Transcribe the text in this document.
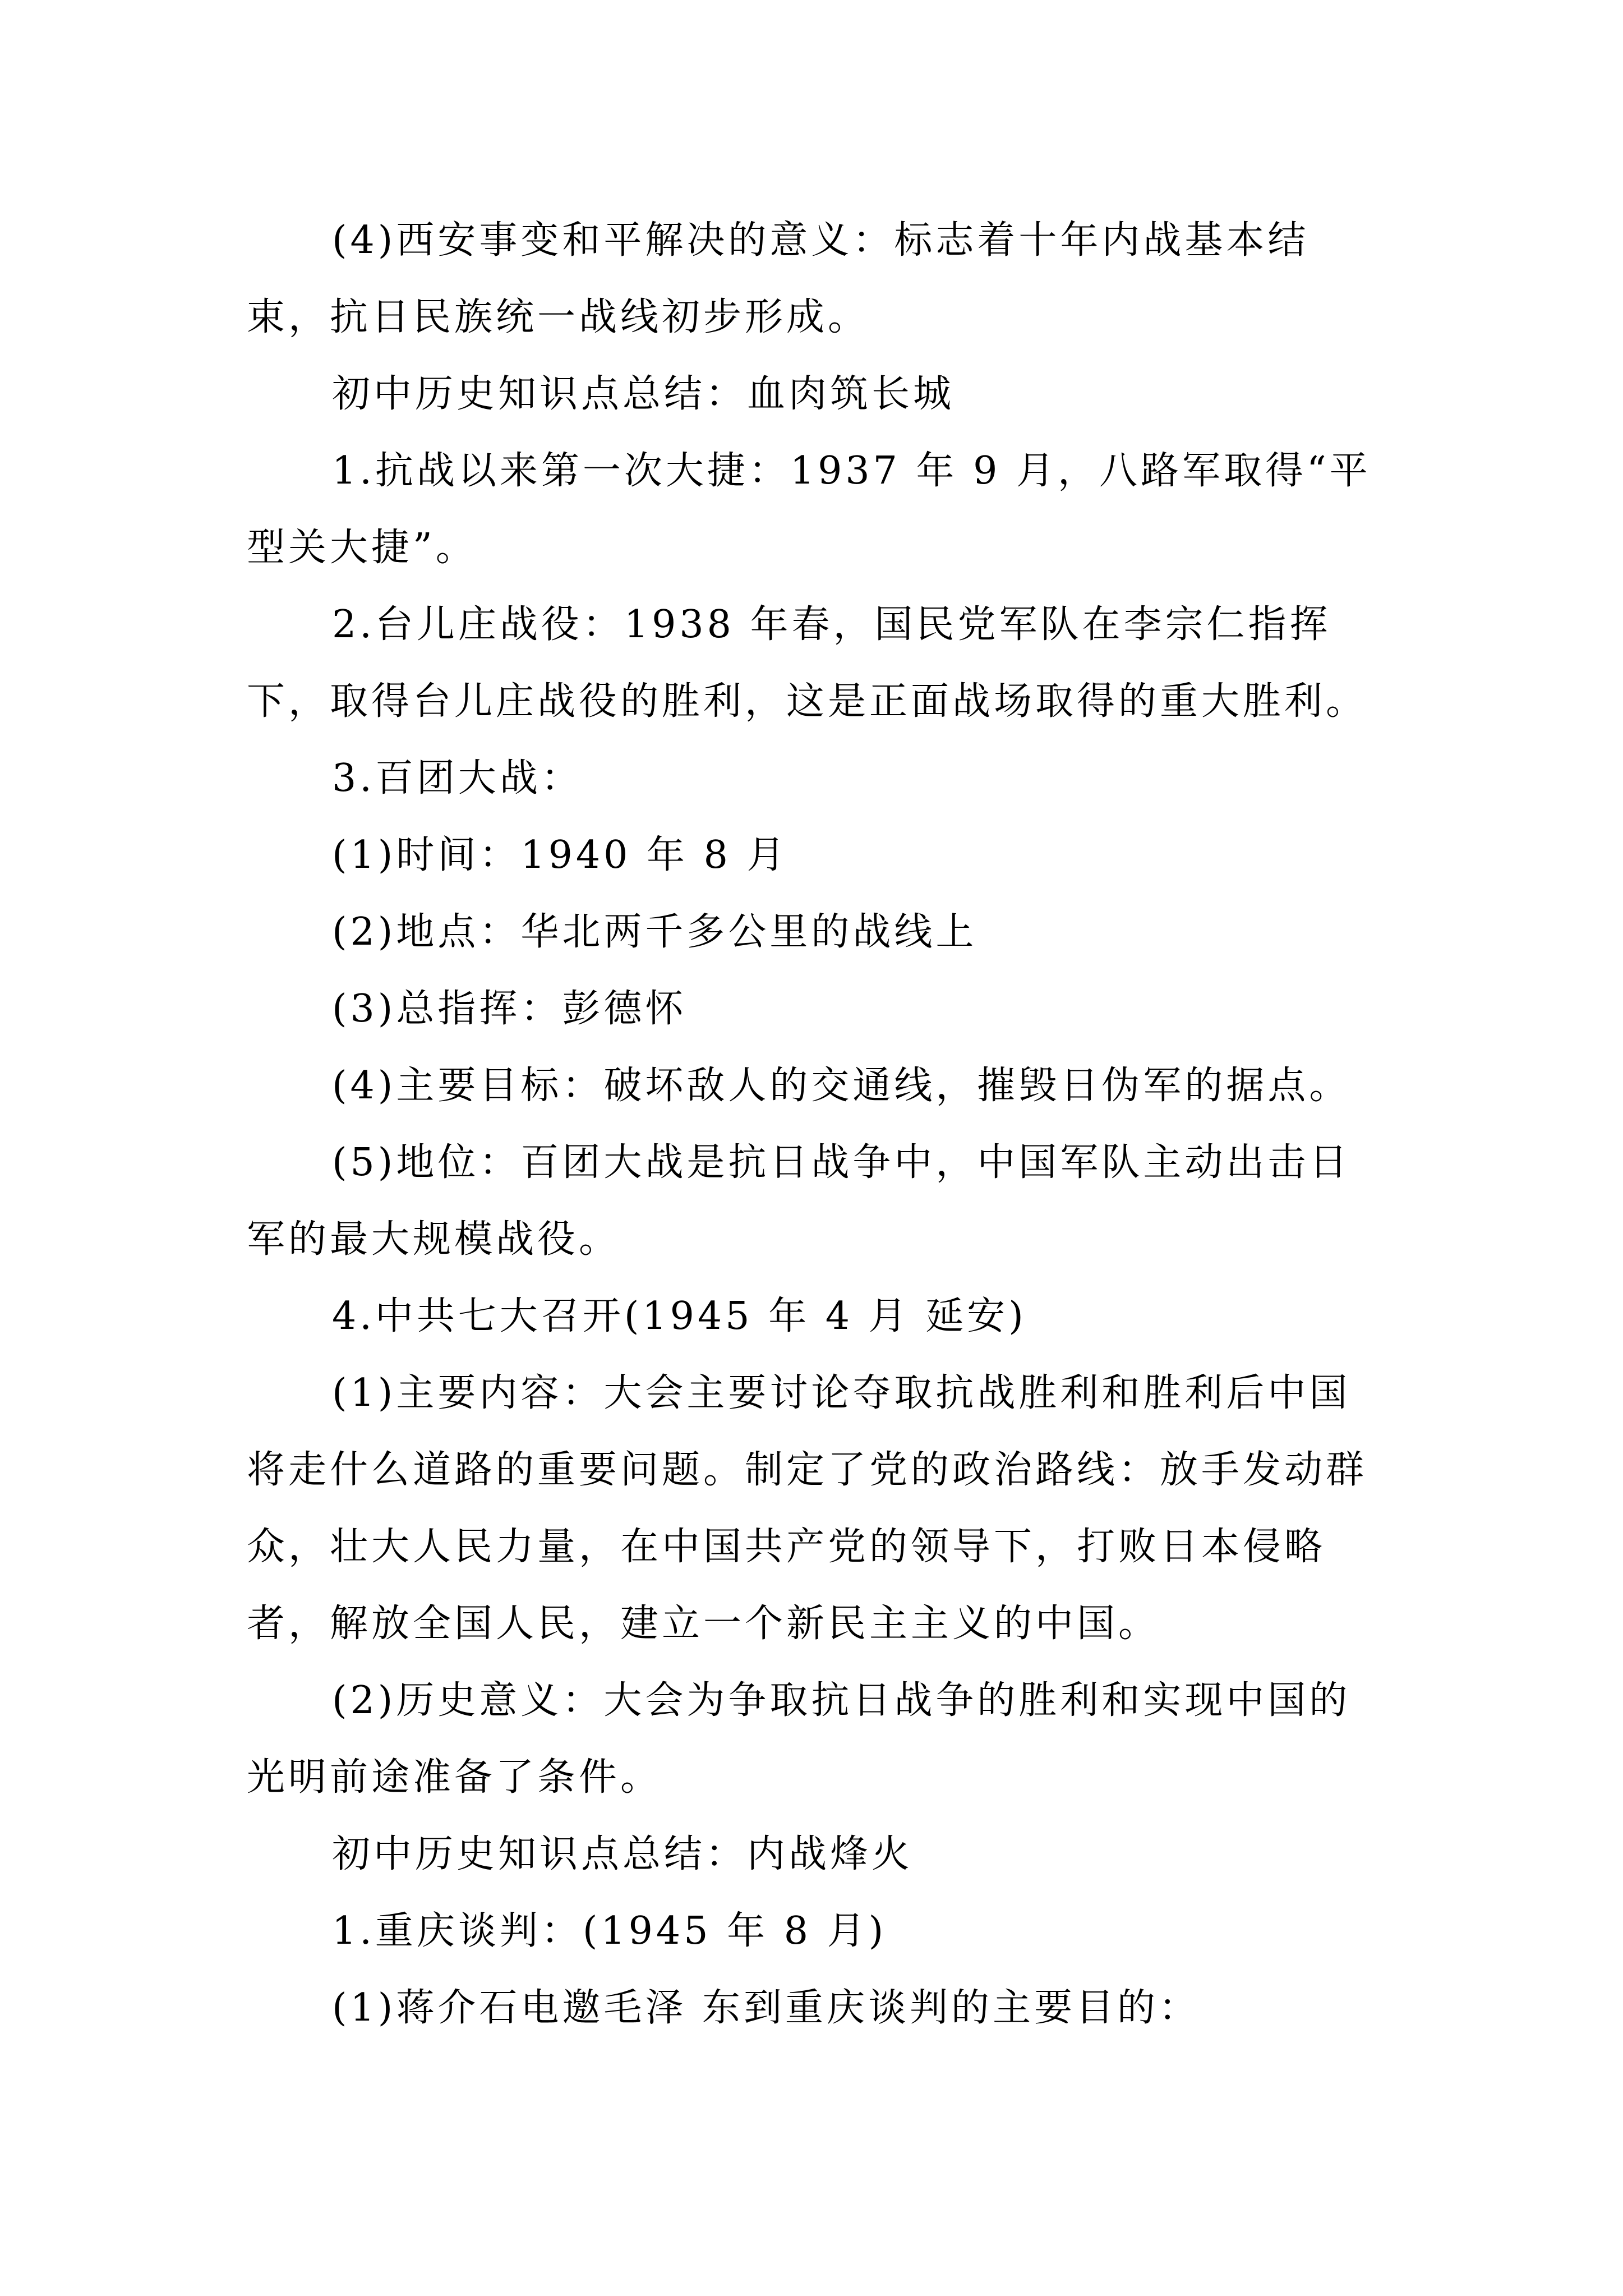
(4)西安事变和平解决的意义：标志着十年内战基本结束，抗日民族统一战线初步形成。

初中历史知识点总结：血肉筑长城

1.抗战以来第一次大捷：1937 年 9 月，八路军取得“平型关大捷”。

2.台儿庄战役：1938 年春，国民党军队在李宗仁指挥下，取得台儿庄战役的胜利，这是正面战场取得的重大胜利。

3.百团大战：

(1)时间：1940 年 8 月

(2)地点：华北两千多公里的战线上

(3)总指挥：彭德怀

(4)主要目标：破坏敌人的交通线，摧毁日伪军的据点。

(5)地位：百团大战是抗日战争中，中国军队主动出击日军的最大规模战役。

4.中共七大召开(1945 年 4 月 延安)

(1)主要内容：大会主要讨论夺取抗战胜利和胜利后中国将走什么道路的重要问题。制定了党的政治路线：放手发动群众，壮大人民力量，在中国共产党的领导下，打败日本侵略者，解放全国人民，建立一个新民主主义的中国。

(2)历史意义：大会为争取抗日战争的胜利和实现中国的光明前途准备了条件。

初中历史知识点总结：内战烽火

1.重庆谈判：(1945 年 8 月)

(1)蒋介石电邀毛泽 东到重庆谈判的主要目的：
